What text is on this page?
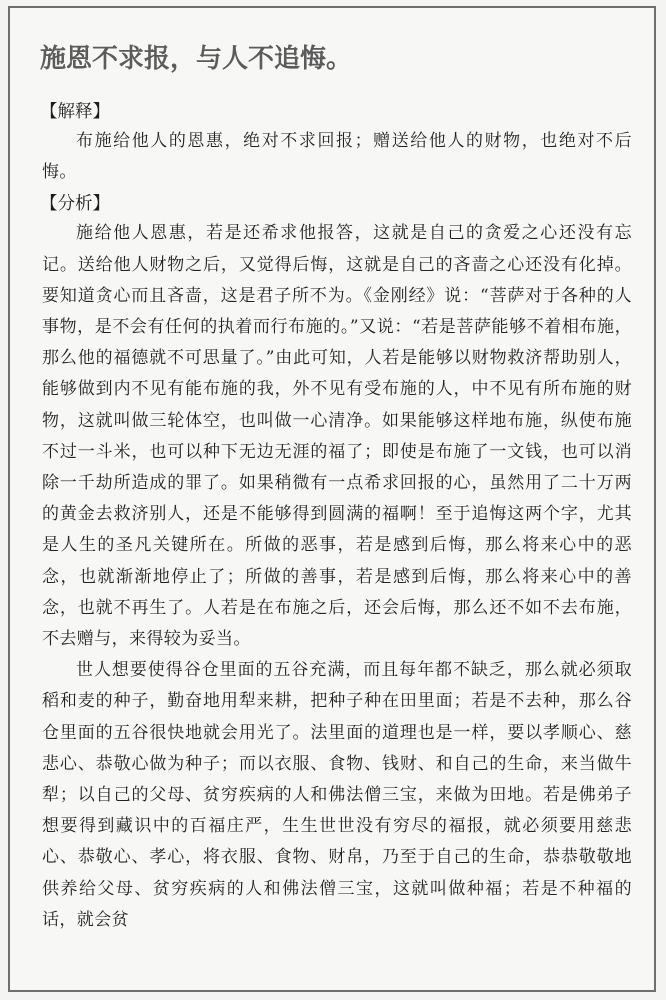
施恩不求报，与人不追悔。
【解释】

布施给他人的恩惠，绝对不求回报；赠送给他人的财物，也绝对不后悔。

【分析】

施给他人恩惠，若是还希求他报答，这就是自己的贪爱之心还没有忘记。送给他人财物之后，又觉得后悔，这就是自己的吝啬之心还没有化掉。要知道贪心而且吝啬，这是君子所不为。《金刚经》说：“菩萨对于各种的人事物，是不会有任何的执着而行布施的。”又说：“若是菩萨能够不着相布施，那么他的福德就不可思量了。”由此可知，人若是能够以财物救济帮助别人，能够做到内不见有能布施的我，外不见有受布施的人，中不见有所布施的财物，这就叫做三轮体空，也叫做一心清净。如果能够这样地布施，纵使布施不过一斗米，也可以种下无边无涯的福了；即使是布施了一文钱，也可以消除一千劫所造成的罪了。如果稍微有一点希求回报的心，虽然用了二十万两的黄金去救济别人，还是不能够得到圆满的福啊！至于追悔这两个字，尤其是人生的圣凡关键所在。所做的恶事，若是感到后悔，那么将来心中的恶念，也就渐渐地停止了；所做的善事，若是感到后悔，那么将来心中的善念，也就不再生了。人若是在布施之后，还会后悔，那么还不如不去布施，不去赠与，来得较为妥当。

世人想要使得谷仓里面的五谷充满，而且每年都不缺乏，那么就必须取稻和麦的种子，勤奋地用犁来耕，把种子种在田里面；若是不去种，那么谷仓里面的五谷很快地就会用光了。法里面的道理也是一样，要以孝顺心、慈悲心、恭敬心做为种子；而以衣服、食物、钱财、和自己的生命，来当做牛犁；以自己的父母、贫穷疾病的人和佛法僧三宝，来做为田地。若是佛弟子想要得到藏识中的百福庄严，生生世世没有穷尽的福报，就必须要用慈悲心、恭敬心、孝心，将衣服、食物、财帛，乃至于自己的生命，恭恭敬敬地供养给父母、贫穷疾病的人和佛法僧三宝，这就叫做种福；若是不种福的话，就会贫
